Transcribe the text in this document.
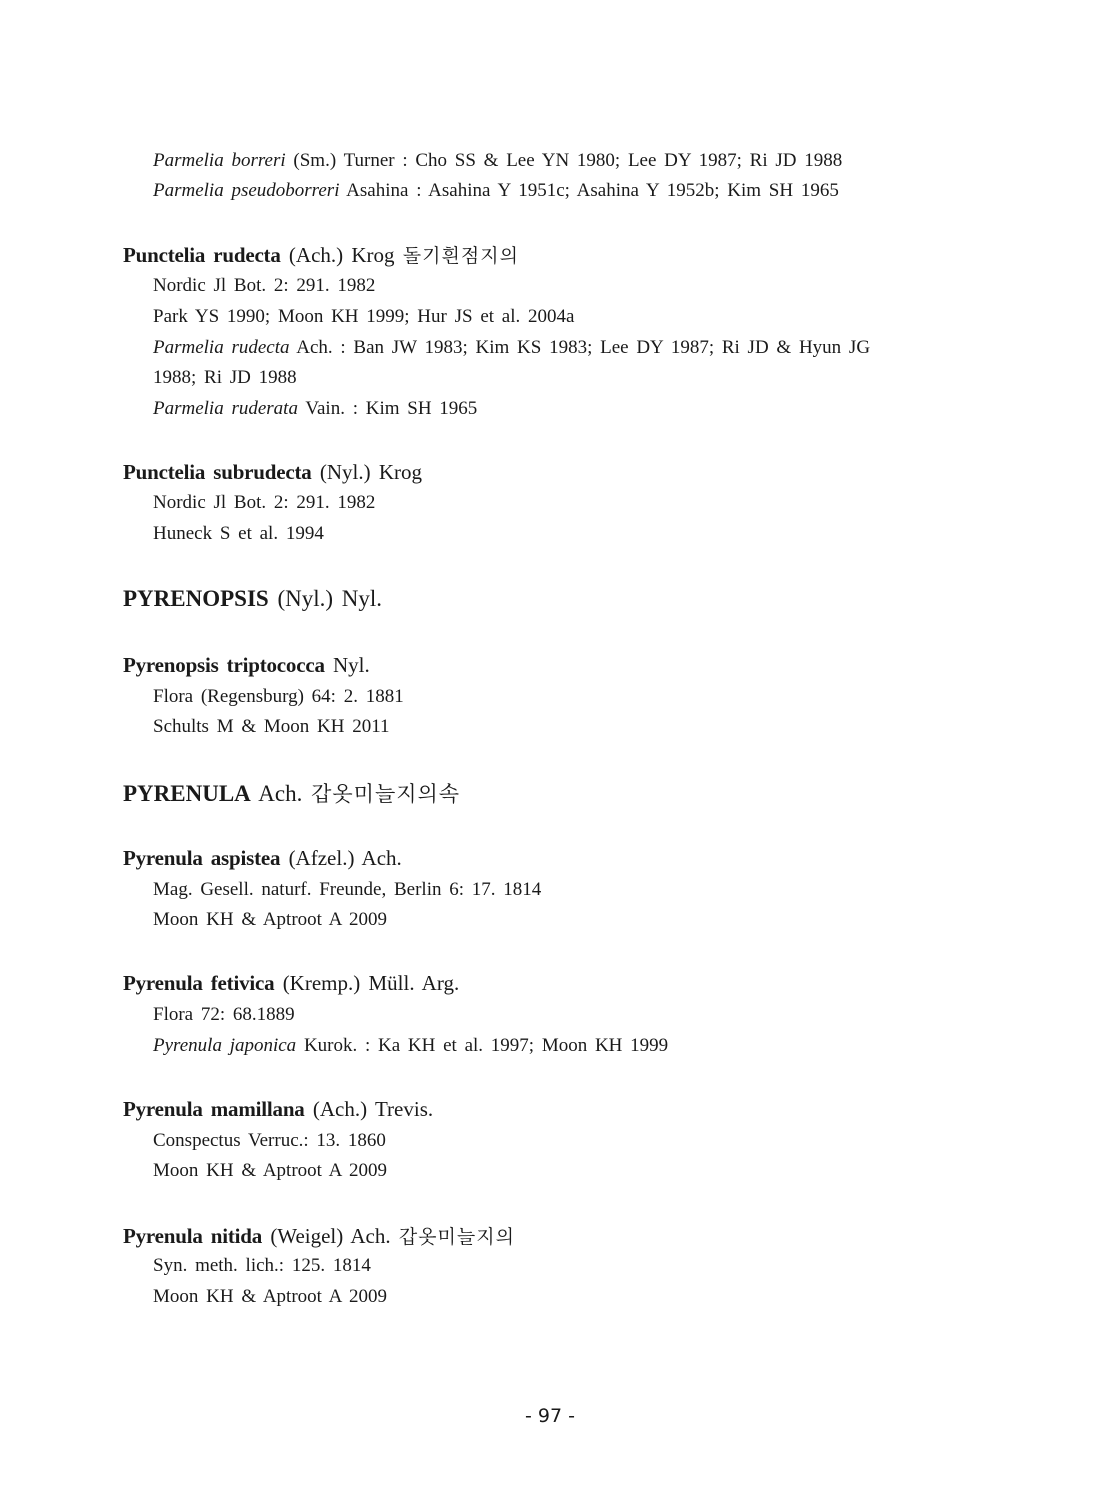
Parmelia borreri (Sm.) Turner : Cho SS & Lee YN 1980; Lee DY 1987; Ri JD 1988
Parmelia pseudoborreri Asahina : Asahina Y 1951c; Asahina Y 1952b; Kim SH 1965
Punctelia rudecta (Ach.) Krog 돌기흰점지의
Nordic Jl Bot. 2: 291. 1982
Park YS 1990; Moon KH 1999; Hur JS et al. 2004a
Parmelia rudecta Ach. : Ban JW 1983; Kim KS 1983; Lee DY 1987; Ri JD & Hyun JG
1988; Ri JD 1988
Parmelia ruderata Vain. : Kim SH 1965
Punctelia subrudecta (Nyl.) Krog
Nordic Jl Bot. 2: 291. 1982
Huneck S et al. 1994
PYRENOPSIS (Nyl.) Nyl.
Pyrenopsis triptococca Nyl.
Flora (Regensburg) 64: 2. 1881
Schults M & Moon KH 2011
PYRENULA Ach. 갑옷미늘지의속
Pyrenula aspistea (Afzel.) Ach.
Mag. Gesell. naturf. Freunde, Berlin 6: 17. 1814
Moon KH & Aptroot A 2009
Pyrenula fetivica (Kremp.) Müll. Arg.
Flora 72: 68.1889
Pyrenula japonica Kurok. : Ka KH et al. 1997; Moon KH 1999
Pyrenula mamillana (Ach.) Trevis.
Conspectus Verruc.: 13. 1860
Moon KH & Aptroot A 2009
Pyrenula nitida (Weigel) Ach. 갑옷미늘지의
Syn. meth. lich.: 125. 1814
Moon KH & Aptroot A 2009
- 97 -
